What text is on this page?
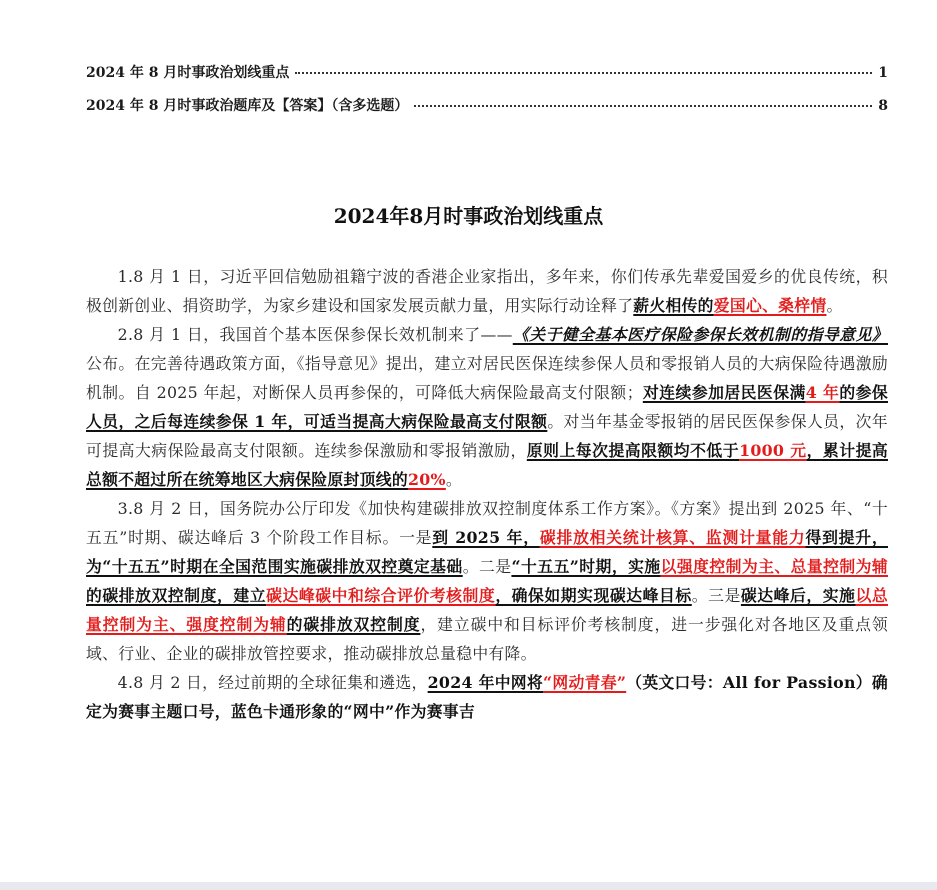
2024 年 8 月时事政治划线重点	1
2024 年 8 月时事政治题库及【答案】（含多选题）	8
2024年8月时事政治划线重点

1.8 月 1 日，习近平回信勉励祖籍宁波的香港企业家指出，多年来，你们传承先辈爱国爱乡的优良传统，积极创新创业、捐资助学，为家乡建设和国家发展贡献力量，用实际行动诠释了薪火相传的爱国心、桑梓情。

2.8 月 1 日，我国首个基本医保参保长效机制来了——《关于健全基本医疗保险参保长效机制的指导意见》公布。在完善待遇政策方面，《指导意见》提出，建立对居民医保连续参保人员和零报销人员的大病保险待遇激励机制。自 2025 年起，对断保人员再参保的，可降低大病保险最高支付限额；对连续参加居民医保满4 年的参保人员，之后每连续参保 1 年，可适当提高大病保险最高支付限额。对当年基金零报销的居民医保参保人员，次年可提高大病保险最高支付限额。连续参保激励和零报销激励，原则上每次提高限额均不低于1000 元，累计提高总额不超过所在统筹地区大病保险原封顶线的20%。

3.8 月 2 日，国务院办公厅印发《加快构建碳排放双控制度体系工作方案》。《方案》提出到 2025 年、“十五五”时期、碳达峰后 3 个阶段工作目标。一是到 2025 年，碳排放相关统计核算、监测计量能力得到提升，为“十五五”时期在全国范围实施碳排放双控奠定基础。二是“十五五”时期，实施以强度控制为主、总量控制为辅的碳排放双控制度，建立碳达峰碳中和综合评价考核制度，确保如期实现碳达峰目标。三是碳达峰后，实施以总量控制为主、强度控制为辅的碳排放双控制度，建立碳中和目标评价考核制度，进一步强化对各地区及重点领域、行业、企业的碳排放管控要求，推动碳排放总量稳中有降。

4.8 月 2 日，经过前期的全球征集和遴选，2024 年中网将“网动青春”（英文口号：All for Passion）确定为赛事主题口号，蓝色卡通形象的“网中”作为赛事吉
